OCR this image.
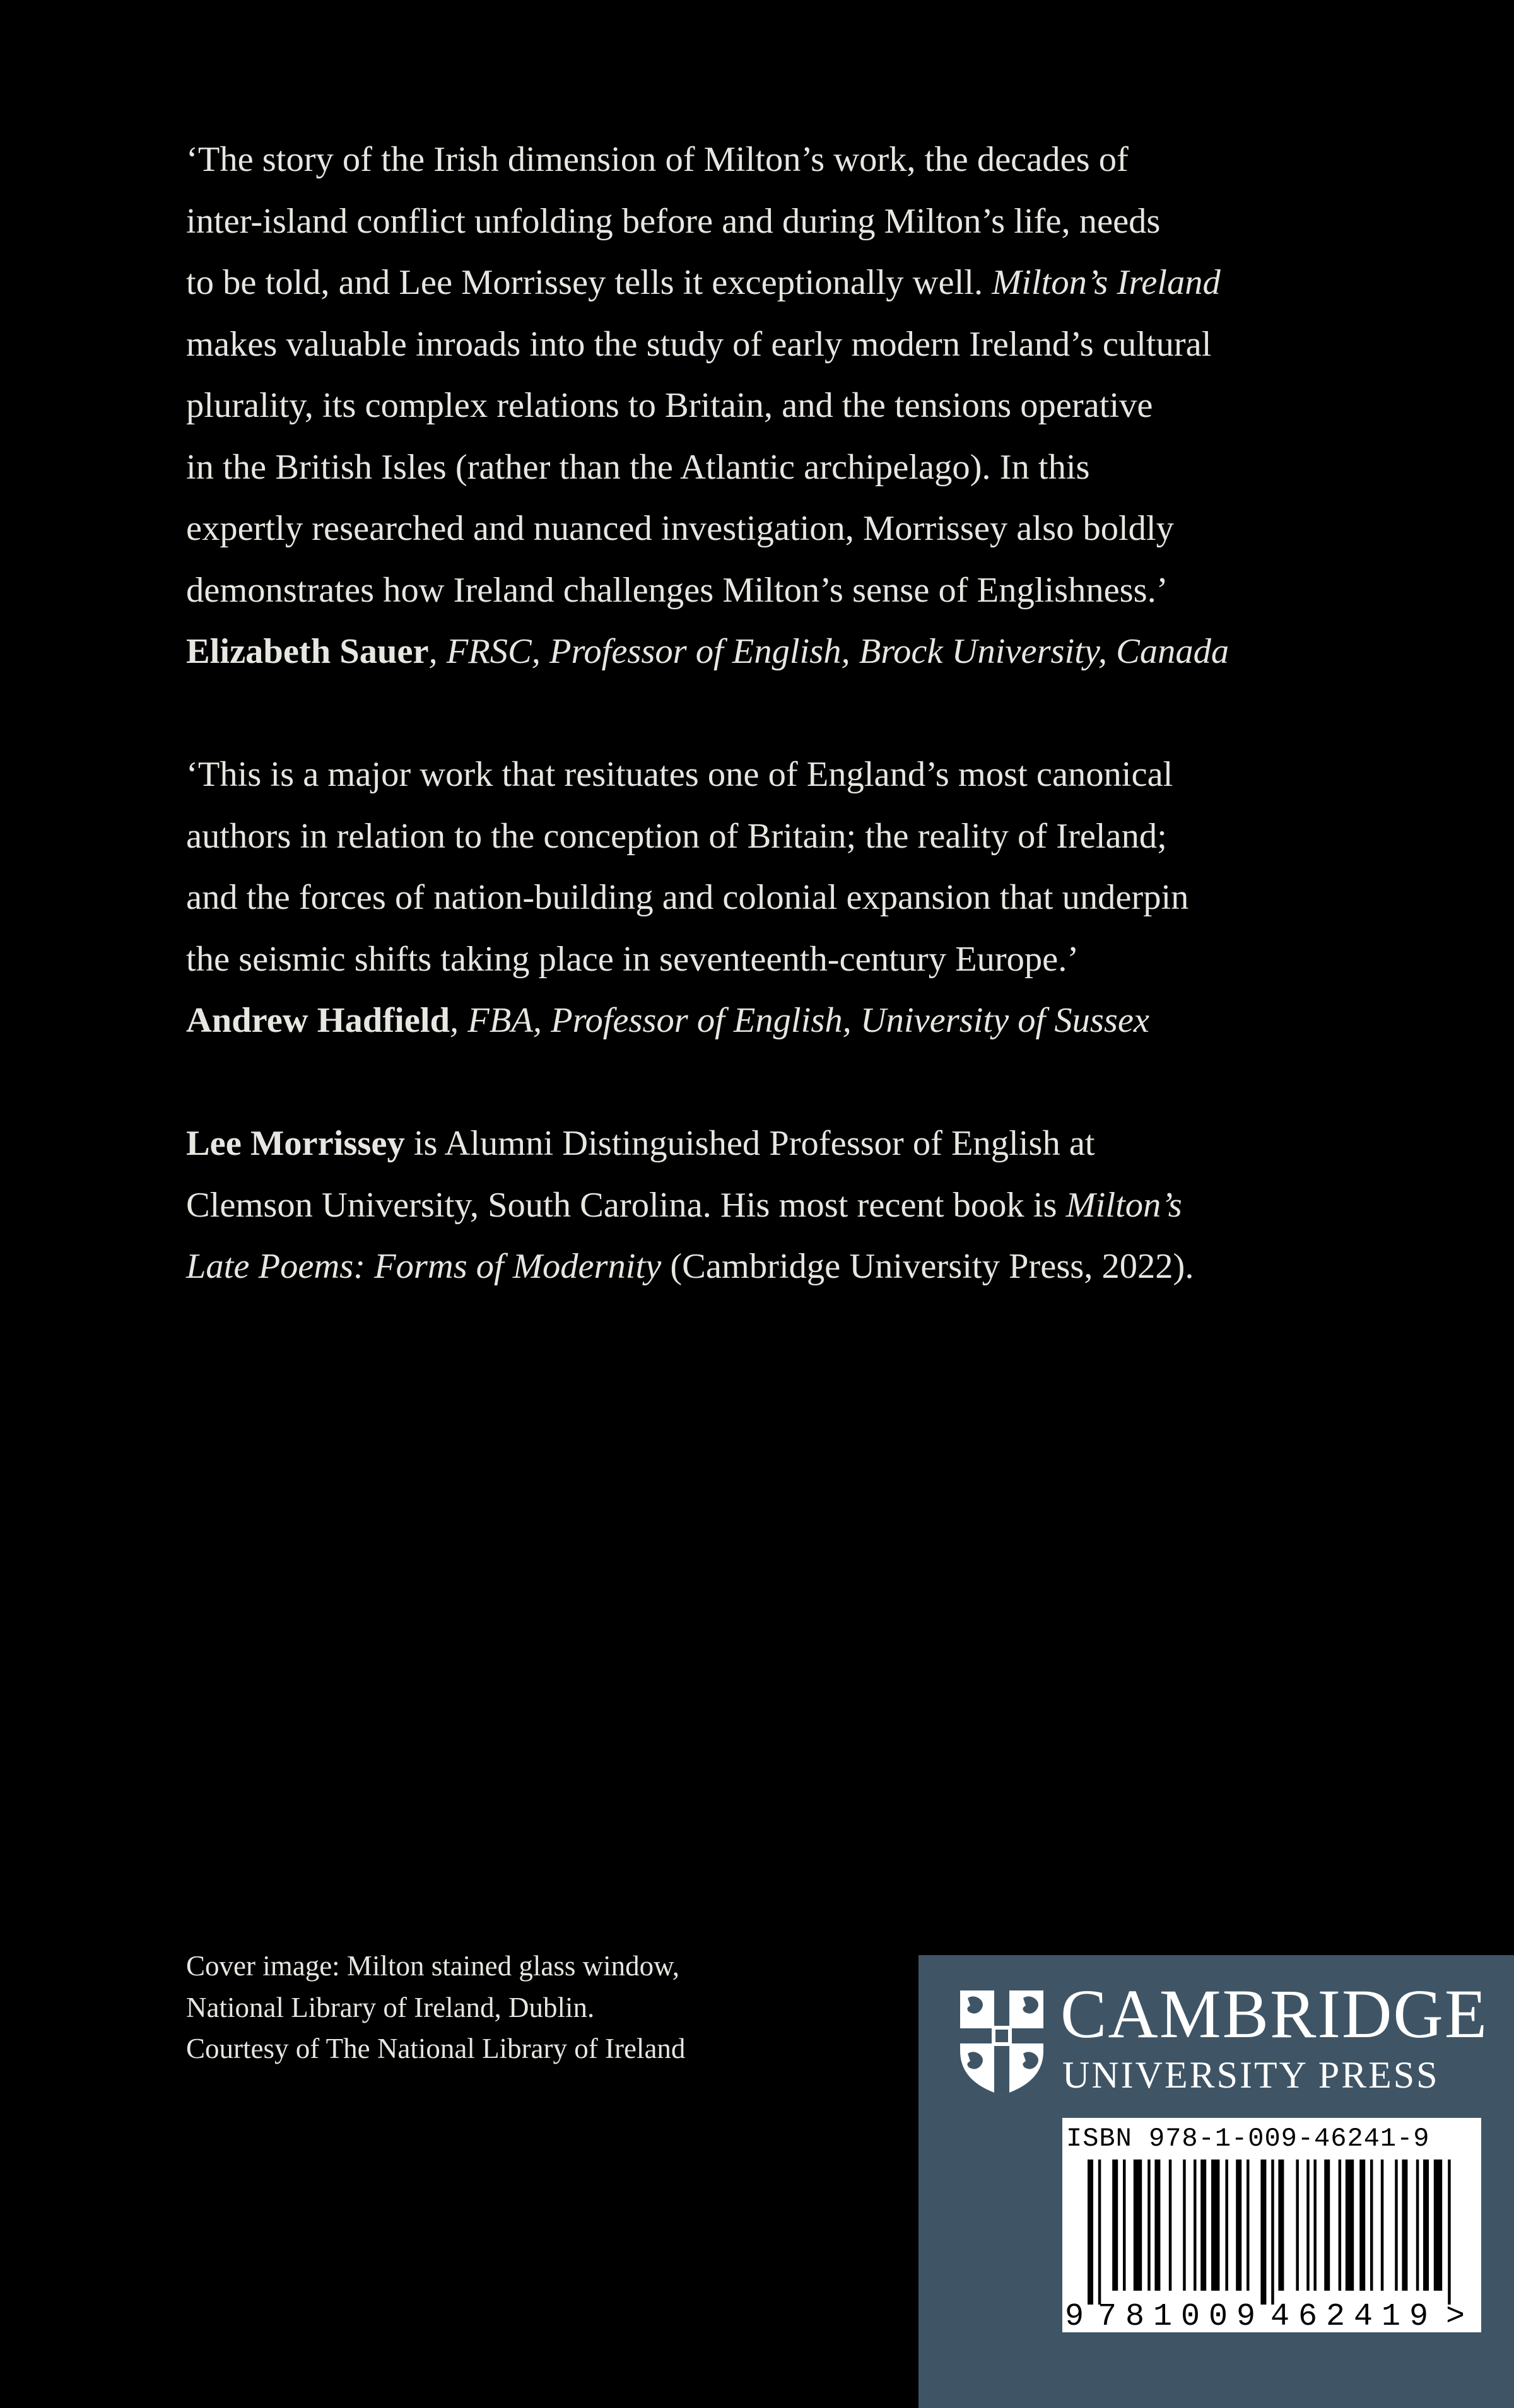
‘The story of the Irish dimension of Milton’s work, the decades of
inter-island conflict unfolding before and during Milton’s life, needs
to be told, and Lee Morrissey tells it exceptionally well. Milton’s Ireland
makes valuable inroads into the study of early modern Ireland’s cultural
plurality, its complex relations to Britain, and the tensions operative
in the British Isles (rather than the Atlantic archipelago). In this
expertly researched and nuanced investigation, Morrissey also boldly
demonstrates how Ireland challenges Milton’s sense of Englishness.’
Elizabeth Sauer, FRSC, Professor of English, Brock University, Canada
‘This is a major work that resituates one of England’s most canonical
authors in relation to the conception of Britain; the reality of Ireland;
and the forces of nation-building and colonial expansion that underpin
the seismic shifts taking place in seventeenth-century Europe.’
Andrew Hadfield, FBA, Professor of English, University of Sussex
Lee Morrissey is Alumni Distinguished Professor of English at
Clemson University, South Carolina. His most recent book is Milton’s
Late Poems: Forms of Modernity (Cambridge University Press, 2022).
Cover image: Milton stained glass window,
National Library of Ireland, Dublin.
Courtesy of The National Library of Ireland	CAMBRIDGE
UNIVERSITY PRESS
ISBN 978-1-009-46241-9
9 781009 462419 >
